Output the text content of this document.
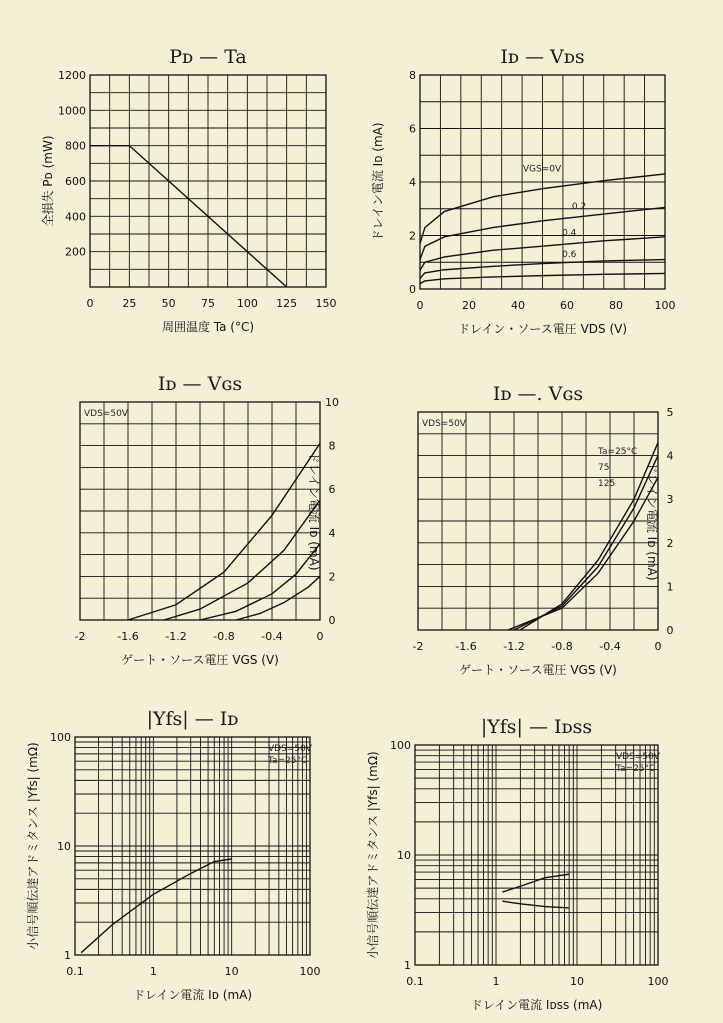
Pᴅ — Ta
0	25 50 75 100 125 150
200
400
600
800
1000
1200
周囲温度 Ta (°C)
全損失 Pᴅ (mW)
Iᴅ — Vᴅs
0	20	40	60	80	100
0
2
4
6
8
ドレイン・ソース電圧 VDS (V)
ドレイン電流 Iᴅ (mA)	VGS=0V
0.2
0.4
0.6
Iᴅ — Vɢs
-2	-1.6 -1.2 -0.8 -0.4	0
0
2
4
6
8
10
ゲート・ソース電圧 VGS (V)
ドレイン電流 Iᴅ (mA)
VDS=50V
Iᴅ —. Vɢs
-2	-1.6 -1.2 -0.8 -0.4	0
0
1
2
3
4
5
ゲート・ソース電圧 VGS (V)
ドレイン電流 Iᴅ (mA)
VDS=50V
Ta=25°C
75
125
|Yfs| — Iᴅ
0.1	1	10	100
1
10
100
ドレイン電流 Iᴅ (mA)
小信号順伝達アドミタンス |Yfs| (mΩ)	VDS=50V
Ta=25°C
|Yfs| — Iᴅss
0.1	1	10	100
1
10
100
ドレイン電流 Iᴅss (mA)
小信号順伝達アドミタンス |Yfs| (mΩ)	VDS=50V
Ta=25°C
